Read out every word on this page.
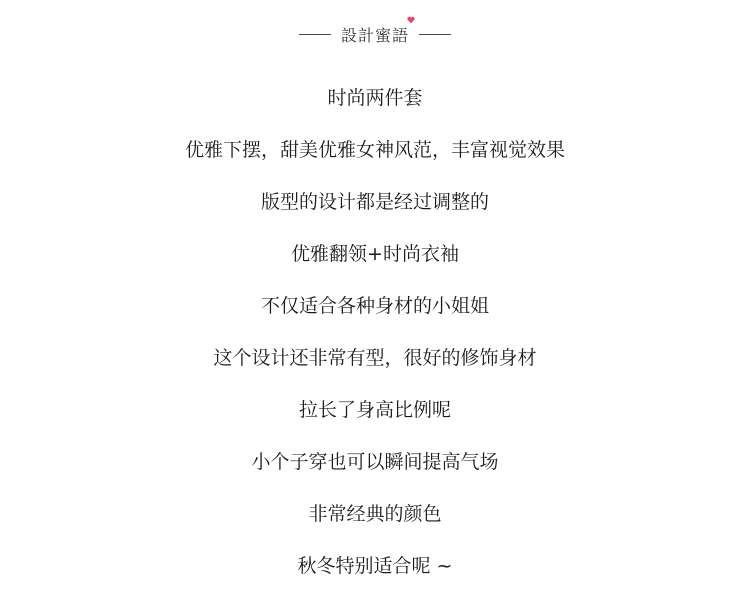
設計蜜語
时尚两件套
优雅下摆，甜美优雅女神风范，丰富视觉效果
版型的设计都是经过调整的
优雅翻领+时尚衣袖
不仅适合各种身材的小姐姐
这个设计还非常有型，很好的修饰身材
拉长了身高比例呢
小个子穿也可以瞬间提高气场
非常经典的颜色
秋冬特别适合呢 ~
